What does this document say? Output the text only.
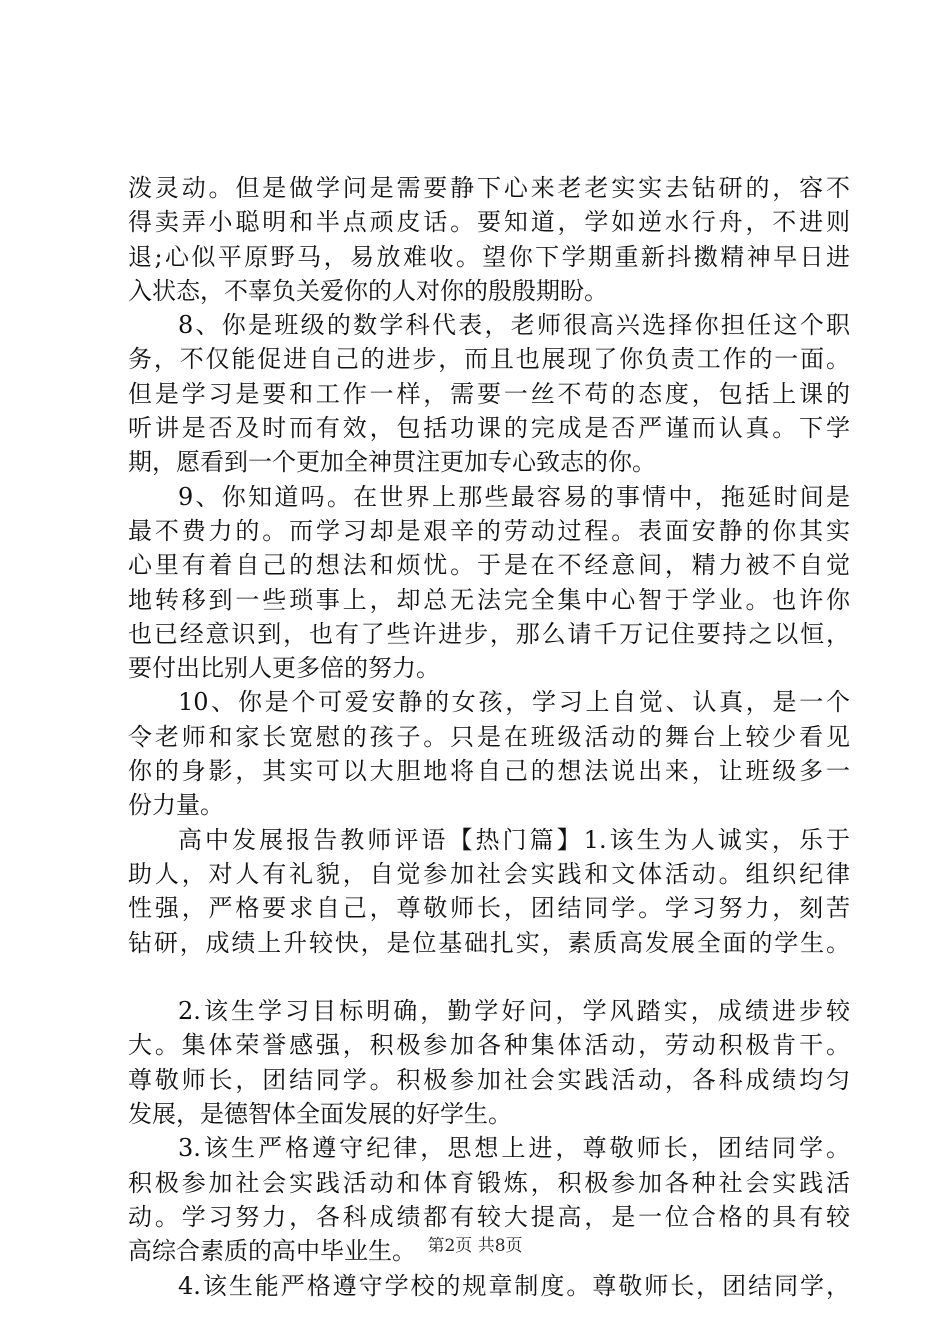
泼灵动。但是做学问是需要静下心来老老实实去钻研的，容不
得卖弄小聪明和半点顽皮话。要知道，学如逆水行舟，不进则
退;心似平原野马，易放难收。望你下学期重新抖擞精神早日进
入状态，不辜负关爱你的人对你的殷殷期盼。
8、你是班级的数学科代表，老师很高兴选择你担任这个职
务，不仅能促进自己的进步，而且也展现了你负责工作的一面。
但是学习是要和工作一样，需要一丝不苟的态度，包括上课的
听讲是否及时而有效，包括功课的完成是否严谨而认真。下学
期，愿看到一个更加全神贯注更加专心致志的你。
9、你知道吗。在世界上那些最容易的事情中，拖延时间是
最不费力的。而学习却是艰辛的劳动过程。表面安静的你其实
心里有着自己的想法和烦忧。于是在不经意间，精力被不自觉
地转移到一些琐事上，却总无法完全集中心智于学业。也许你
也已经意识到，也有了些许进步，那么请千万记住要持之以恒，
要付出比别人更多倍的努力。
10、你是个可爱安静的女孩，学习上自觉、认真，是一个
令老师和家长宽慰的孩子。只是在班级活动的舞台上较少看见
你的身影，其实可以大胆地将自己的想法说出来，让班级多一
份力量。
高中发展报告教师评语【热门篇】1.该生为人诚实，乐于
助人，对人有礼貌，自觉参加社会实践和文体活动。组织纪律
性强，严格要求自己，尊敬师长，团结同学。学习努力，刻苦
钻研，成绩上升较快，是位基础扎实，素质高发展全面的学生。
2.该生学习目标明确，勤学好问，学风踏实，成绩进步较
大。集体荣誉感强，积极参加各种集体活动，劳动积极肯干。
尊敬师长，团结同学。积极参加社会实践活动，各科成绩均匀
发展，是德智体全面发展的好学生。
3.该生严格遵守纪律，思想上进，尊敬师长，团结同学。
积极参加社会实践活动和体育锻炼，积极参加各种社会实践活
动。学习努力，各科成绩都有较大提高，是一位合格的具有较
高综合素质的高中毕业生。
4.该生能严格遵守学校的规章制度。尊敬师长，团结同学，
第2页 共8页
